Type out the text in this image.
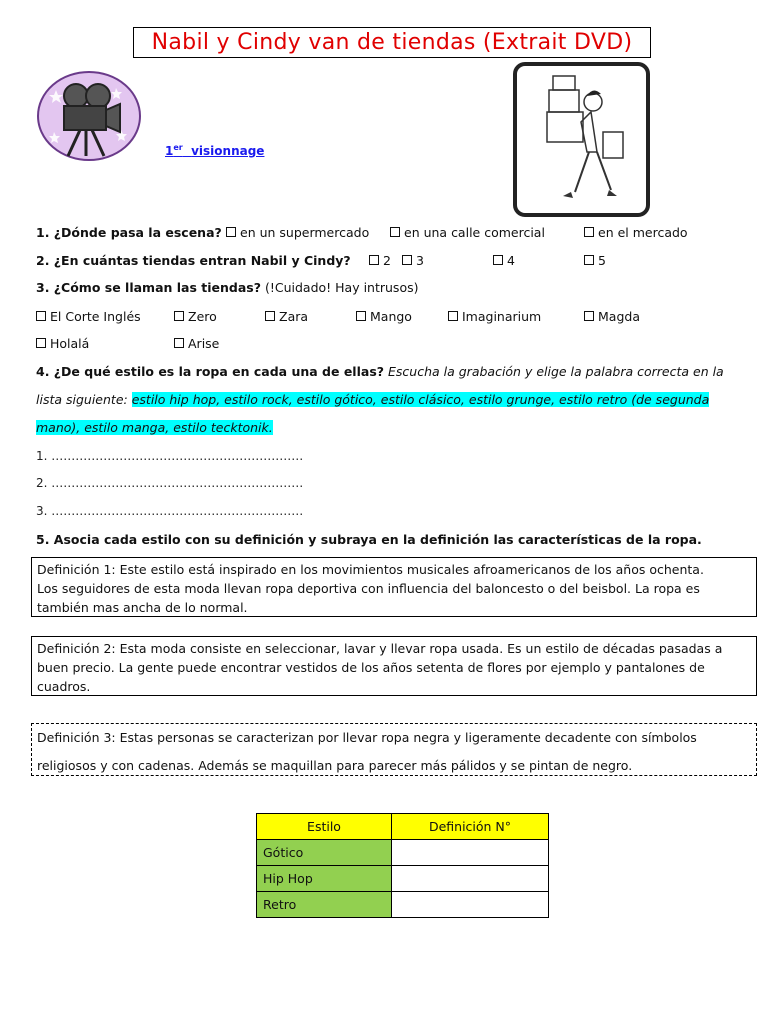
Nabil y Cindy van de tiendas (Extrait DVD)
1er visionnage
1. ¿Dónde pasa la escena?	en un supermercado	en una calle comercial	en el mercado
2. ¿En cuántas tiendas entran Nabil y Cindy?	2	3	4	5
3. ¿Cómo se llaman las tiendas? (!Cuidado! Hay intrusos)
El Corte Inglés	Zero	Zara	Mango	Imaginarium	Magda
Holalá	Arise
4. ¿De qué estilo es la ropa en cada una de ellas? Escucha la grabación y elige la palabra correcta en la
lista siguiente: estilo hip hop, estilo rock, estilo gótico, estilo clásico, estilo grunge, estilo retro (de segunda
mano), estilo manga, estilo tecktonik.
1. ………………………………………………………
2. ………………………………………………………
3. ………………………………………………………
5. Asocia cada estilo con su definición y subraya en la definición las características de la ropa.
Definición 1: Este estilo está inspirado en los movimientos musicales afroamericanos de los años ochenta.
Los seguidores de esta moda llevan ropa deportiva con influencia del baloncesto o del beisbol. La ropa es
también mas ancha de lo normal.
Definición 2: Esta moda consiste en seleccionar, lavar y llevar ropa usada. Es un estilo de décadas pasadas a
buen precio. La gente puede encontrar vestidos de los años setenta de flores por ejemplo y pantalones de
cuadros.
Definición 3: Estas personas se caracterizan por llevar ropa negra y ligeramente decadente con símbolos
religiosos y con cadenas. Además se maquillan para parecer más pálidos y se pintan de negro.
Estilo	Definición N°
Gótico	
Hip Hop	
Retro	
